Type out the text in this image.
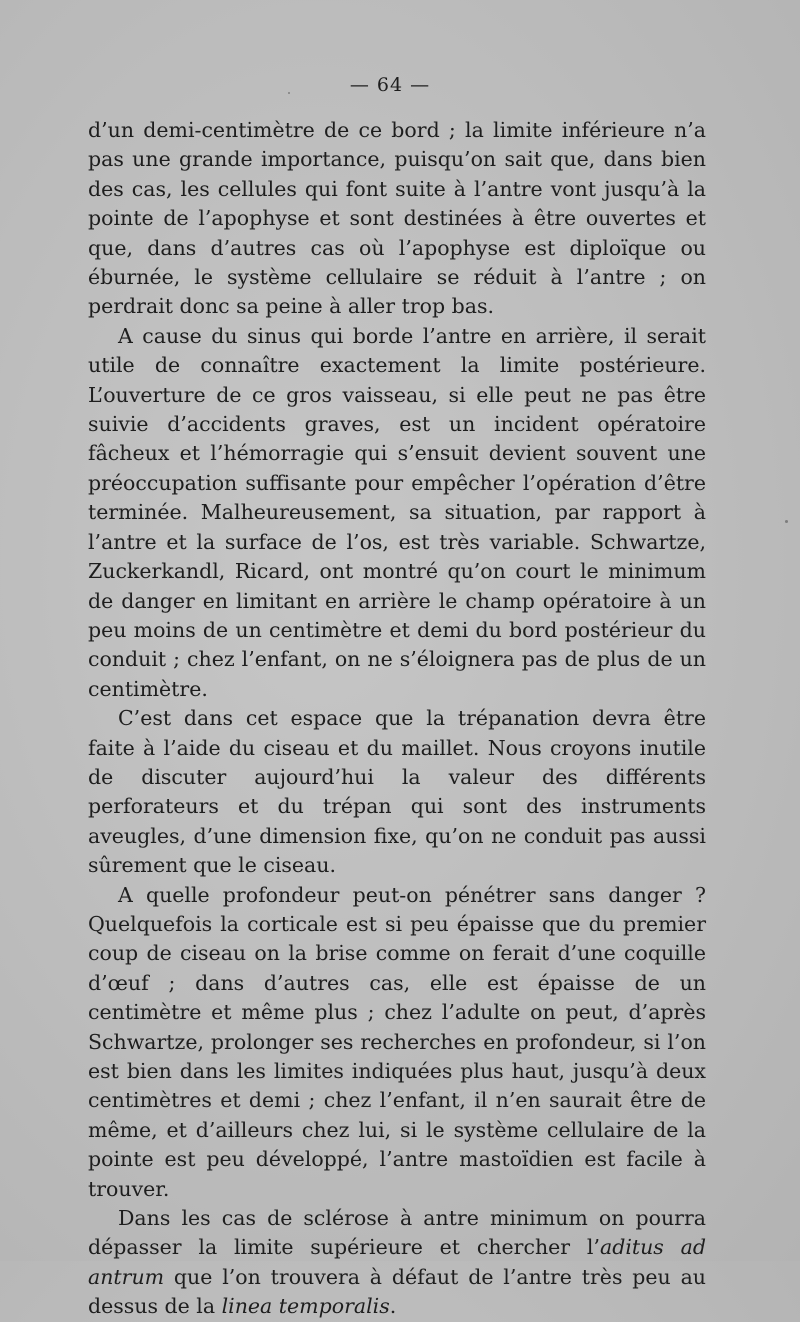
— 64 —

d’un demi-centimètre de ce bord ; la limite inférieure n’a pas une grande importance, puisqu’on sait que, dans bien des cas, les cellules qui font suite à l’antre vont jusqu’à la pointe de l’apophyse et sont destinées à être ouvertes et que, dans d’autres cas où l’apophyse est diploïque ou éburnée, le système cellulaire se réduit à l’antre ; on perdrait donc sa peine à aller trop bas.

A cause du sinus qui borde l’antre en arrière, il serait utile de connaître exactement la limite postérieure. L’ouverture de ce gros vaisseau, si elle peut ne pas être suivie d’accidents graves, est un incident opératoire fâcheux et l’hémorragie qui s’ensuit devient souvent une préoccupation suffisante pour empêcher l’opération d’être terminée. Malheureusement, sa situation, par rapport à l’antre et la surface de l’os, est très variable. Schwartze, Zuckerkandl, Ricard, ont montré qu’on court le minimum de danger en limitant en arrière le champ opératoire à un peu moins de un centimètre et demi du bord postérieur du conduit ; chez l’enfant, on ne s’éloignera pas de plus de un centimètre.

C’est dans cet espace que la trépanation devra être faite à l’aide du ciseau et du maillet. Nous croyons inutile de discuter aujourd’hui la valeur des différents perforateurs et du trépan qui sont des instruments aveugles, d’une dimension fixe, qu’on ne conduit pas aussi sûrement que le ciseau.

A quelle profondeur peut-on pénétrer sans danger ? Quelquefois la corticale est si peu épaisse que du premier coup de ciseau on la brise comme on ferait d’une coquille d’œuf ; dans d’autres cas, elle est épaisse de un centimètre et même plus ; chez l’adulte on peut, d’après Schwartze, prolonger ses recherches en profondeur, si l’on est bien dans les limites indiquées plus haut, jusqu’à deux centimètres et demi ; chez l’enfant, il n’en saurait être de même, et d’ailleurs chez lui, si le système cellulaire de la pointe est peu développé, l’antre mastoïdien est facile à trouver.

Dans les cas de sclérose à antre minimum on pourra dépasser la limite supérieure et chercher l’aditus ad antrum que l’on trouvera à défaut de l’antre très peu au dessus de la linea temporalis.
